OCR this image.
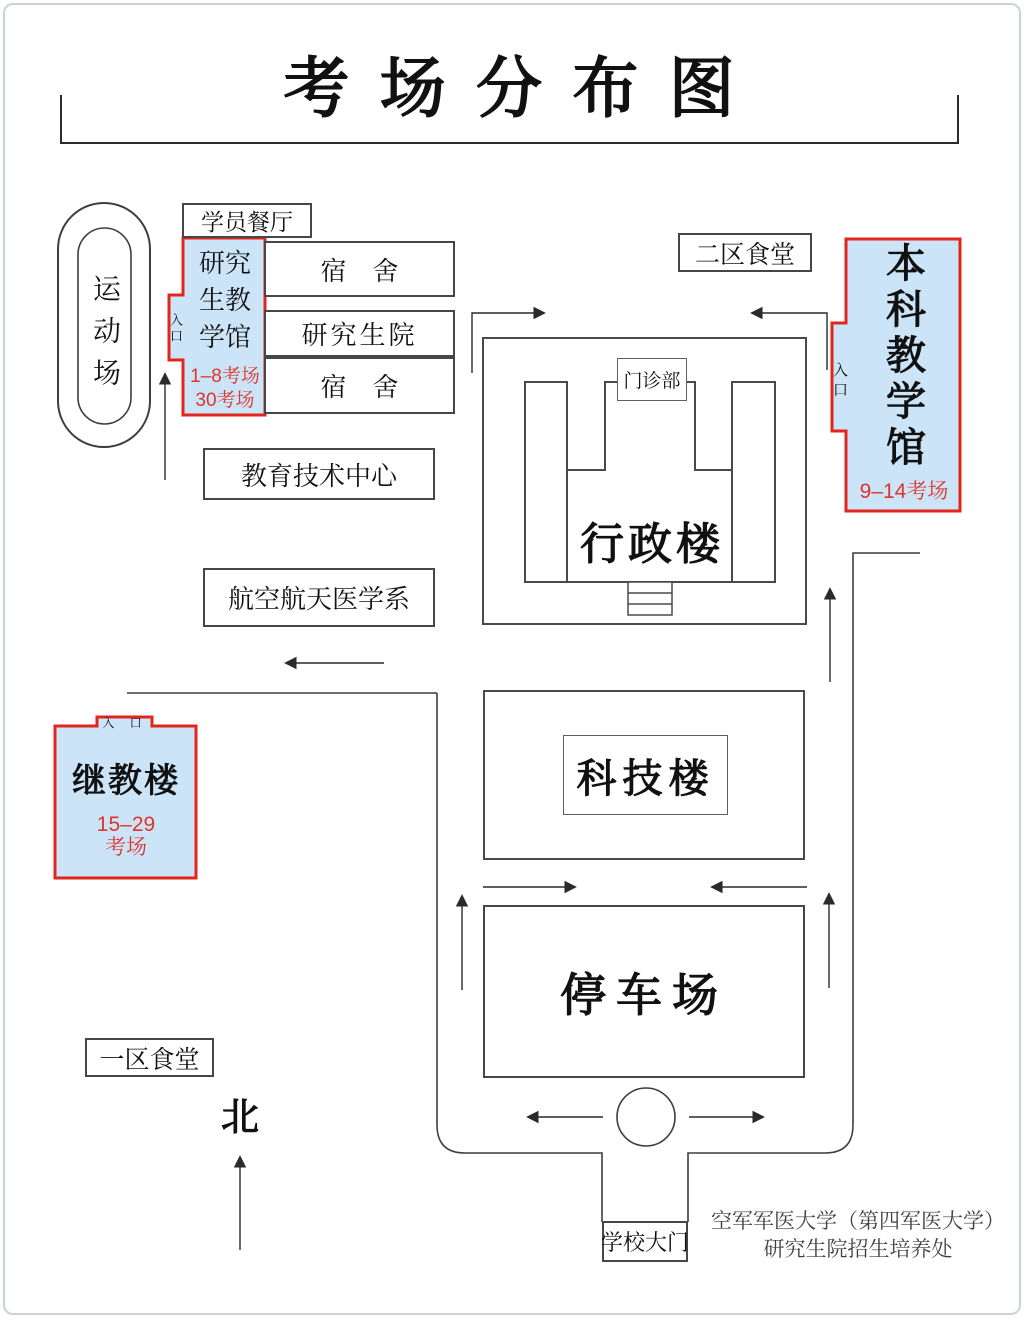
考 场 分 布 图
运动场
学员餐厅
宿　舍
研究生院
宿　舍
教育技术中心
航空航天医学系
二区食堂
一区食堂
门诊部
科技楼
停车场
学校大门
行政楼
研究
生教
学馆
入口
1–8考场
30考场	本科教学馆
入口
9–14考场
入 口
继教楼
15–29
考场
北
空军军医大学（第四军医大学）
研究生院招生培养处
